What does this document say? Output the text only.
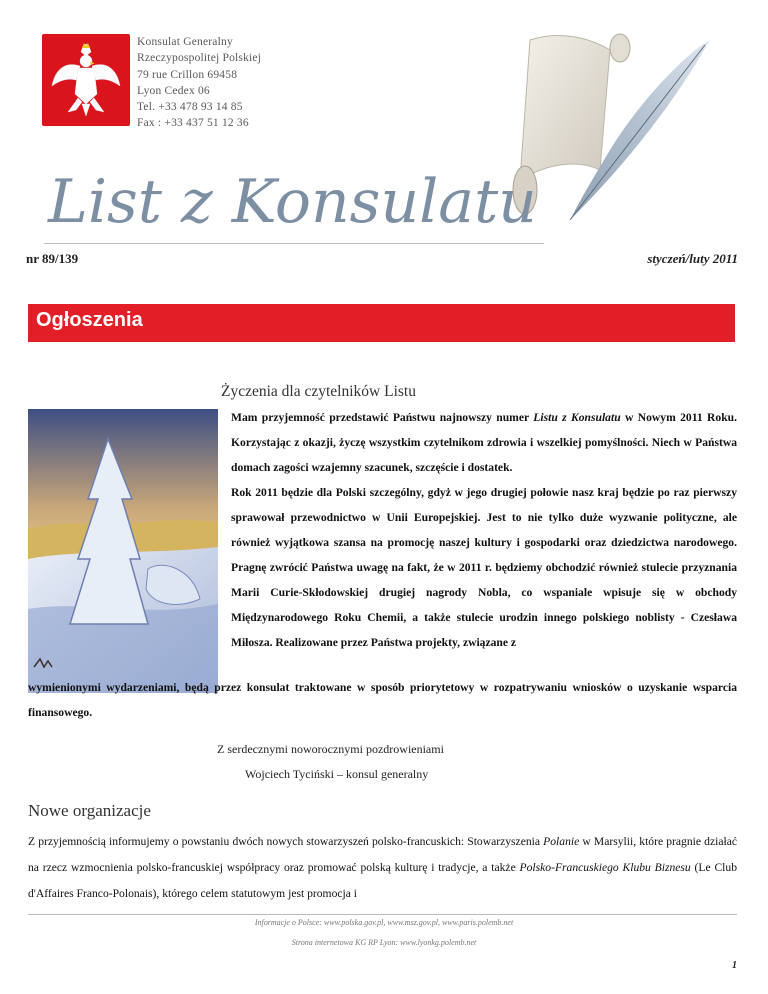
Konsulat Generalny
Rzeczypospolitej Polskiej
79 rue Crillon 69458
Lyon Cedex 06
Tel. +33 478 93 14 85
Fax : +33 437 51 12 36
List z Konsulatu
nr 89/139	styczeń/luty 2011
Ogłoszenia
Życzenia dla czytelników Listu

Mam przyjemność przedstawić Państwu najnowszy numer Listu z Konsulatu w Nowym 2011 Roku. Korzystając z okazji, życzę wszystkim czytelnikom zdrowia i wszelkiej pomyślności. Niech w Państwa domach zagości wzajemny szacunek, szczęście i dostatek.

Rok 2011 będzie dla Polski szczególny, gdyż w jego drugiej połowie nasz kraj będzie po raz pierwszy sprawował przewodnictwo w Unii Europejskiej. Jest to nie tylko duże wyzwanie polityczne, ale również wyjątkowa szansa na promocję naszej kultury i gospodarki oraz dziedzictwa narodowego. Pragnę zwrócić Państwa uwagę na fakt, że w 2011 r. będziemy obchodzić również stulecie przyznania Marii Curie-Skłodowskiej drugiej nagrody Nobla, co wspaniale wpisuje się w obchody Międzynarodowego Roku Chemii, a także stulecie urodzin innego polskiego noblisty - Czesława Miłosza. Realizowane przez Państwa projekty, związane z

wymienionymi wydarzeniami, będą przez konsulat traktowane w sposób priorytetowy w rozpatrywaniu wniosków o uzyskanie wsparcia finansowego.
Z serdecznymi noworocznymi pozdrowieniami
Wojciech Tyciński – konsul generalny
Nowe organizacje
Z przyjemnością informujemy o powstaniu dwóch nowych stowarzyszeń polsko-francuskich: Stowarzyszenia Polanie w Marsylii, które pragnie działać na rzecz wzmocnienia polsko-francuskiej współpracy oraz promować polską kulturę i tradycje, a także Polsko-Francuskiego Klubu Biznesu (Le Club d'Affaires Franco-Polonais), którego celem statutowym jest promocja i
Informacje o Polsce: www.polska.gov.pl, www.msz.gov.pl, www.paris.polemb.net
Strona internetowa KG RP Lyon: www.lyonkg.polemb.net
1
